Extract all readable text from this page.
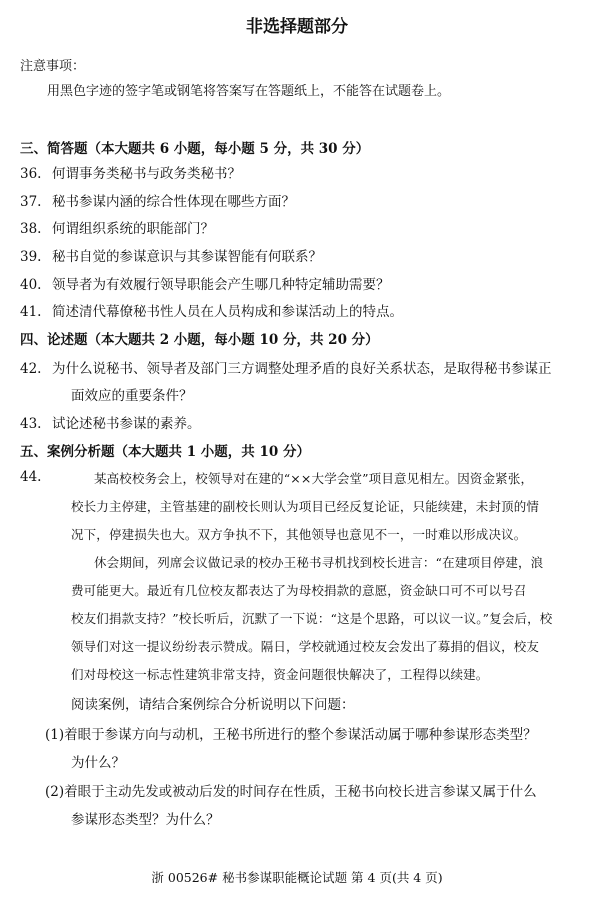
非选择题部分
注意事项：
用黑色字迹的签字笔或钢笔将答案写在答题纸上，不能答在试题卷上。
三、简答题（本大题共 6 小题，每小题 5 分，共 30 分）
36. 何谓事务类秘书与政务类秘书？
37. 秘书参谋内涵的综合性体现在哪些方面？
38. 何谓组织系统的职能部门？
39. 秘书自觉的参谋意识与其参谋智能有何联系？
40. 领导者为有效履行领导职能会产生哪几种特定辅助需要？
41. 简述清代幕僚秘书性人员在人员构成和参谋活动上的特点。
四、论述题（本大题共 2 小题，每小题 10 分，共 20 分）
42. 为什么说秘书、领导者及部门三方调整处理矛盾的良好关系状态，是取得秘书参谋正
面效应的重要条件？
43. 试论述秘书参谋的素养。
五、案例分析题（本大题共 1 小题，共 10 分）
44.	某高校校务会上，校领导对在建的“××大学会堂”项目意见相左。因资金紧张，
校长力主停建，主管基建的副校长则认为项目已经反复论证，只能续建，未封顶的情
况下，停建损失也大。双方争执不下，其他领导也意见不一，一时难以形成决议。
休会期间，列席会议做记录的校办王秘书寻机找到校长进言：“在建项目停建，浪
费可能更大。最近有几位校友都表达了为母校捐款的意愿，资金缺口可不可以号召
校友们捐款支持？”校长听后，沉默了一下说：“这是个思路，可以议一议。”复会后，校
领导们对这一提议纷纷表示赞成。隔日，学校就通过校友会发出了募捐的倡议，校友
们对母校这一标志性建筑非常支持，资金问题很快解决了，工程得以续建。
阅读案例，请结合案例综合分析说明以下问题：
(1)着眼于参谋方向与动机，王秘书所进行的整个参谋活动属于哪种参谋形态类型？
为什么？
(2)着眼于主动先发或被动后发的时间存在性质，王秘书向校长进言参谋又属于什么
参谋形态类型？为什么？
浙 00526# 秘书参谋职能概论试题 第 4 页(共 4 页)
